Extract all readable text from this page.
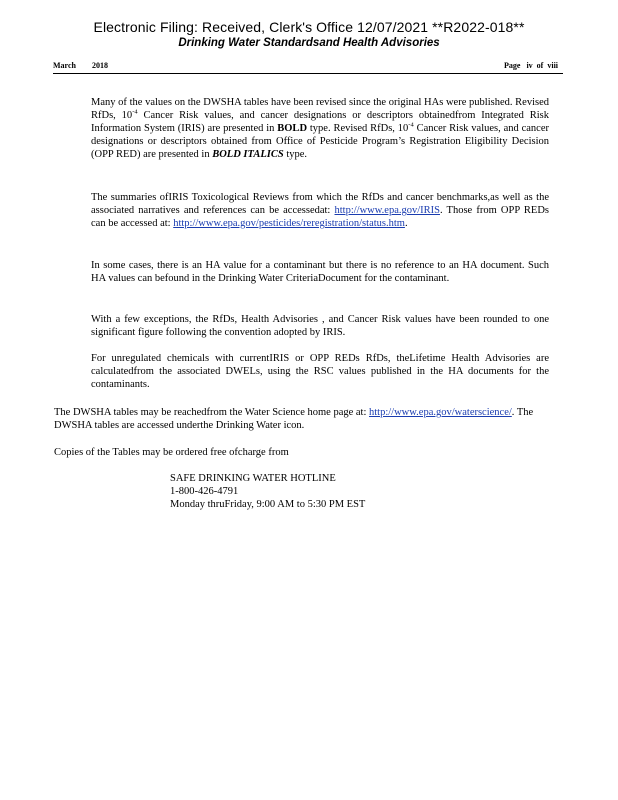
Electronic Filing: Received, Clerk's Office 12/07/2021 **R2022-018**
Drinking Water Standardsand Health Advisories
March 2018	Page iv of viii
Many of the values on the DWSHA tables have been revised since the original HAs were published. Revised RfDs, $10^{-4}$ Cancer Risk values, and cancer designations or descriptors obtainedfrom Integrated Risk Information System (IRIS) are presented in BOLD type. Revised RfDs, $10^{-4}$ Cancer Risk values, and cancer designations or descriptors obtained from Office of Pesticide Program’s Registration Eligibility Decision (OPP RED) are presented in BOLD ITALICS type.
The summaries ofIRIS Toxicological Reviews from which the RfDs and cancer benchmarks,as well as the associated narratives and references can be accessedat: http://www.epa.gov/IRIS. Those from OPP REDs can be accessed at: http://www.epa.gov/pesticides/reregistration/status.htm.
In some cases, there is an HA value for a contaminant but there is no reference to an HA document. Such HA values can befound in the Drinking Water CriteriaDocument for the contaminant.
With a few exceptions, the RfDs, Health Advisories , and Cancer Risk values have been rounded to one significant figure following the convention adopted by IRIS.
For unregulated chemicals with currentIRIS or OPP REDs RfDs, theLifetime Health Advisories are calculatedfrom the associated DWELs, using the RSC values published in the HA documents for the contaminants.
The DWSHA tables may be reachedfrom the Water Science home page at: http://www.epa.gov/waterscience/. The DWSHA tables are accessed underthe Drinking Water icon.
Copies of the Tables may be ordered free ofcharge from
SAFE DRINKING WATER HOTLINE
1-800-426-4791
Monday thruFriday, 9:00 AM to 5:30 PM EST
